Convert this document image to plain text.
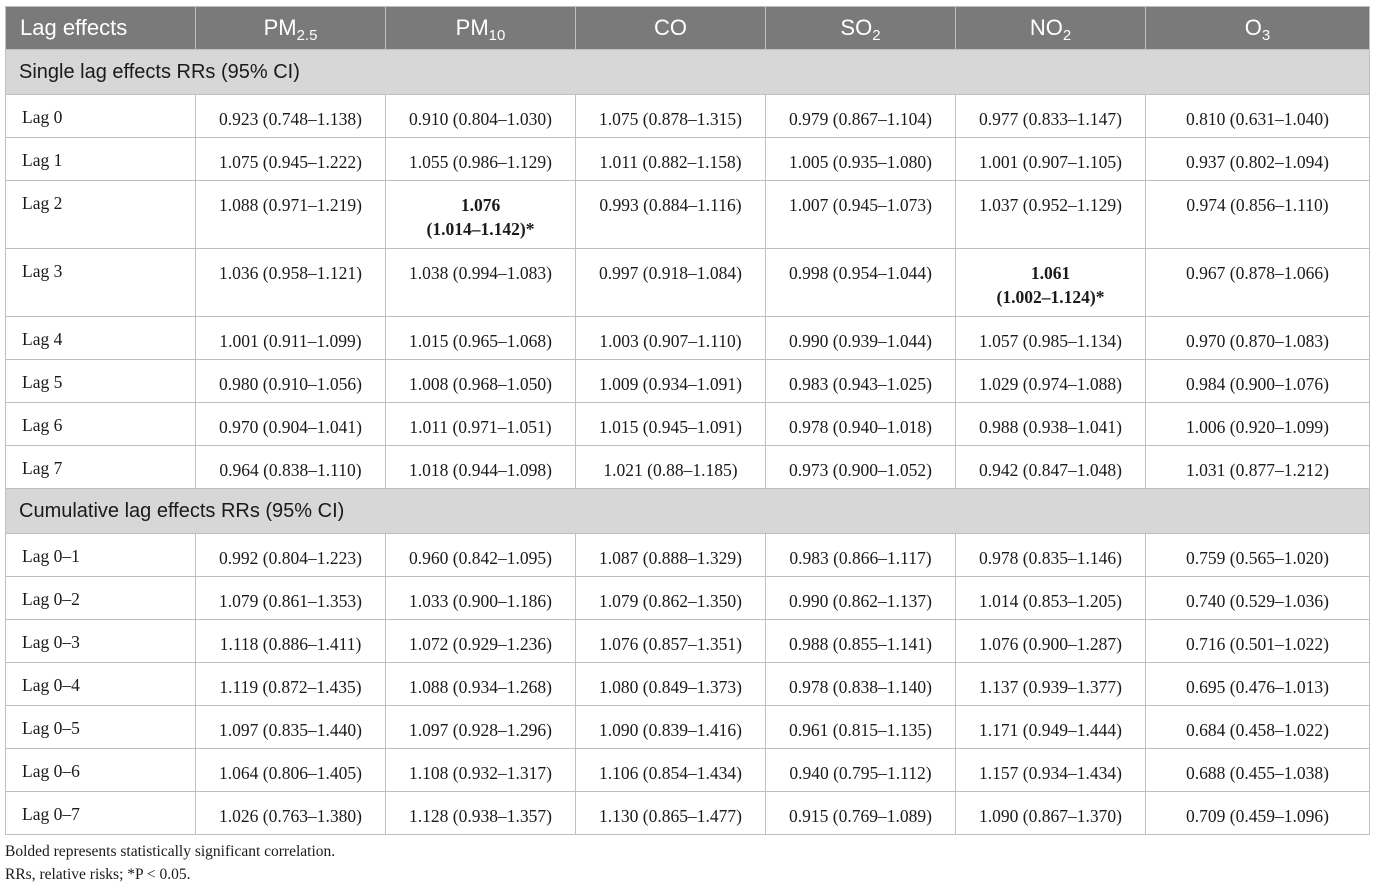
Lag effects	$PM_{2.5}$	$PM_{10}$	CO	$SO_2$	$NO_2$	$O_3$
Single lag effects RRs (95% CI)						
Lag 0	0.923 (0.748–1.138)	0.910 (0.804–1.030)	1.075 (0.878–1.315)	0.979 (0.867–1.104)	0.977 (0.833–1.147)	0.810 (0.631–1.040)

Lag 1	1.075 (0.945–1.222)	1.055 (0.986–1.129)	1.011 (0.882–1.158)	1.005 (0.935–1.080)	1.001 (0.907–1.105)	0.937 (0.802–1.094)

Lag 2	1.088 (0.971–1.219)	1.076
(1.014–1.142)*	0.993 (0.884–1.116)	1.007 (0.945–1.073)	1.037 (0.952–1.129)	0.974 (0.856–1.110)

Lag 3	1.036 (0.958–1.121)	1.038 (0.994–1.083)	0.997 (0.918–1.084)	0.998 (0.954–1.044)	1.061
(1.002–1.124)*	0.967 (0.878–1.066)

Lag 4	1.001 (0.911–1.099)	1.015 (0.965–1.068)	1.003 (0.907–1.110)	0.990 (0.939–1.044)	1.057 (0.985–1.134)	0.970 (0.870–1.083)

Lag 5	0.980 (0.910–1.056)	1.008 (0.968–1.050)	1.009 (0.934–1.091)	0.983 (0.943–1.025)	1.029 (0.974–1.088)	0.984 (0.900–1.076)

Lag 6	0.970 (0.904–1.041)	1.011 (0.971–1.051)	1.015 (0.945–1.091)	0.978 (0.940–1.018)	0.988 (0.938–1.041)	1.006 (0.920–1.099)

Lag 7	0.964 (0.838–1.110)	1.018 (0.944–1.098)	1.021 (0.88–1.185)	0.973 (0.900–1.052)	0.942 (0.847–1.048)	1.031 (0.877–1.212)

Cumulative lag effects RRs (95% CI)						
Lag 0–1	0.992 (0.804–1.223)	0.960 (0.842–1.095)	1.087 (0.888–1.329)	0.983 (0.866–1.117)	0.978 (0.835–1.146)	0.759 (0.565–1.020)

Lag 0–2	1.079 (0.861–1.353)	1.033 (0.900–1.186)	1.079 (0.862–1.350)	0.990 (0.862–1.137)	1.014 (0.853–1.205)	0.740 (0.529–1.036)

Lag 0–3	1.118 (0.886–1.411)	1.072 (0.929–1.236)	1.076 (0.857–1.351)	0.988 (0.855–1.141)	1.076 (0.900–1.287)	0.716 (0.501–1.022)

Lag 0–4	1.119 (0.872–1.435)	1.088 (0.934–1.268)	1.080 (0.849–1.373)	0.978 (0.838–1.140)	1.137 (0.939–1.377)	0.695 (0.476–1.013)

Lag 0–5	1.097 (0.835–1.440)	1.097 (0.928–1.296)	1.090 (0.839–1.416)	0.961 (0.815–1.135)	1.171 (0.949–1.444)	0.684 (0.458–1.022)

Lag 0–6	1.064 (0.806–1.405)	1.108 (0.932–1.317)	1.106 (0.854–1.434)	0.940 (0.795–1.112)	1.157 (0.934–1.434)	0.688 (0.455–1.038)

Lag 0–7	1.026 (0.763–1.380)	1.128 (0.938–1.357)	1.130 (0.865–1.477)	0.915 (0.769–1.089)	1.090 (0.867–1.370)	0.709 (0.459–1.096)
Bolded represents statistically significant correlation.
RRs, relative risks; *P < 0.05.
